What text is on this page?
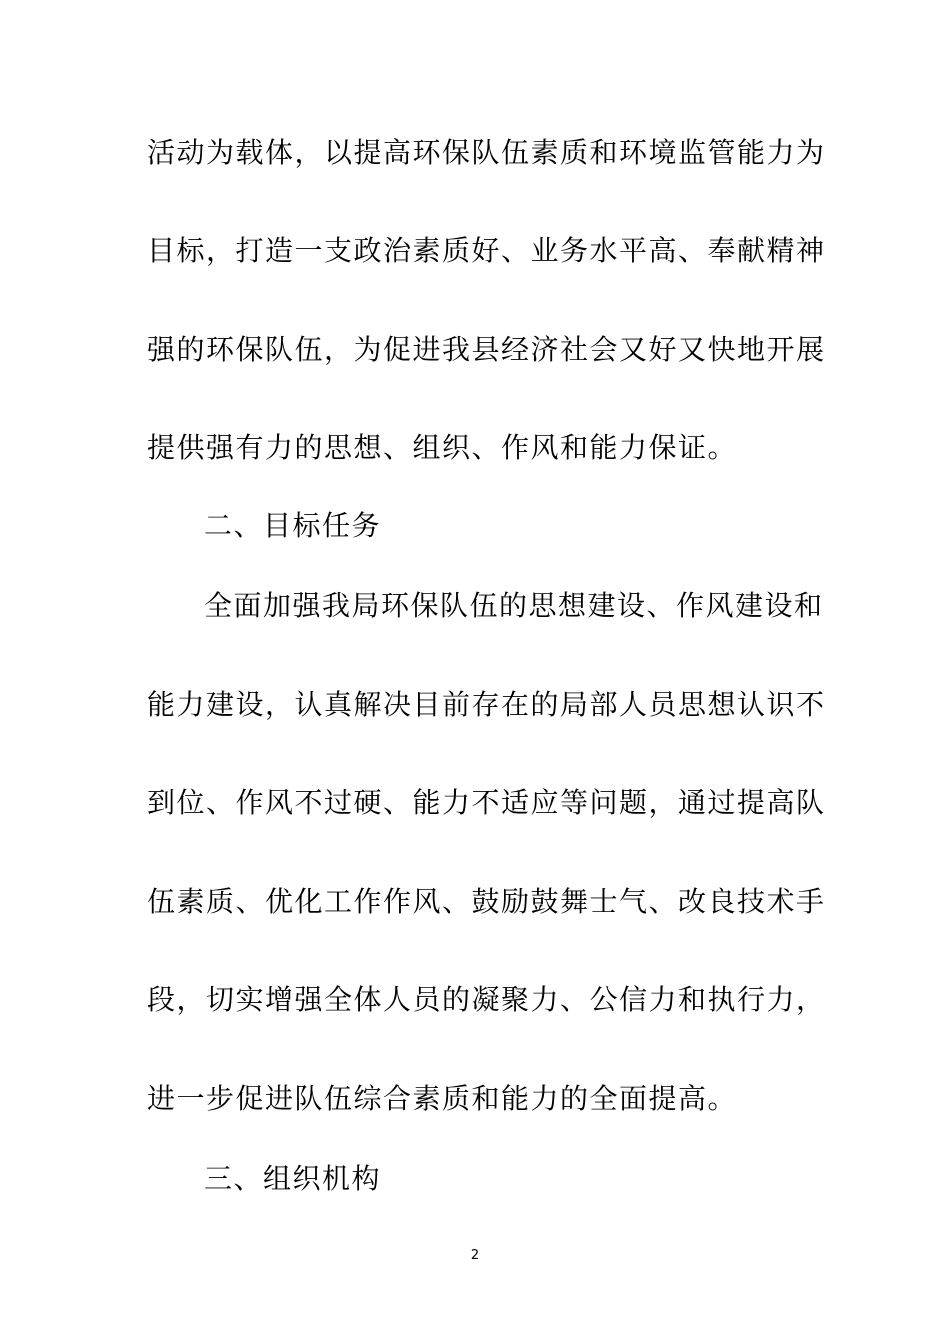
活动为载体，以提高环保队伍素质和环境监管能力为
目标，打造一支政治素质好、业务水平高、奉献精神
强的环保队伍，为促进我县经济社会又好又快地开展
提供强有力的思想、组织、作风和能力保证。
二、目标任务
全面加强我局环保队伍的思想建设、作风建设和
能力建设，认真解决目前存在的局部人员思想认识不
到位、作风不过硬、能力不适应等问题，通过提高队
伍素质、优化工作作风、鼓励鼓舞士气、改良技术手
段，切实增强全体人员的凝聚力、公信力和执行力，
进一步促进队伍综合素质和能力的全面提高。
三、组织机构
2
